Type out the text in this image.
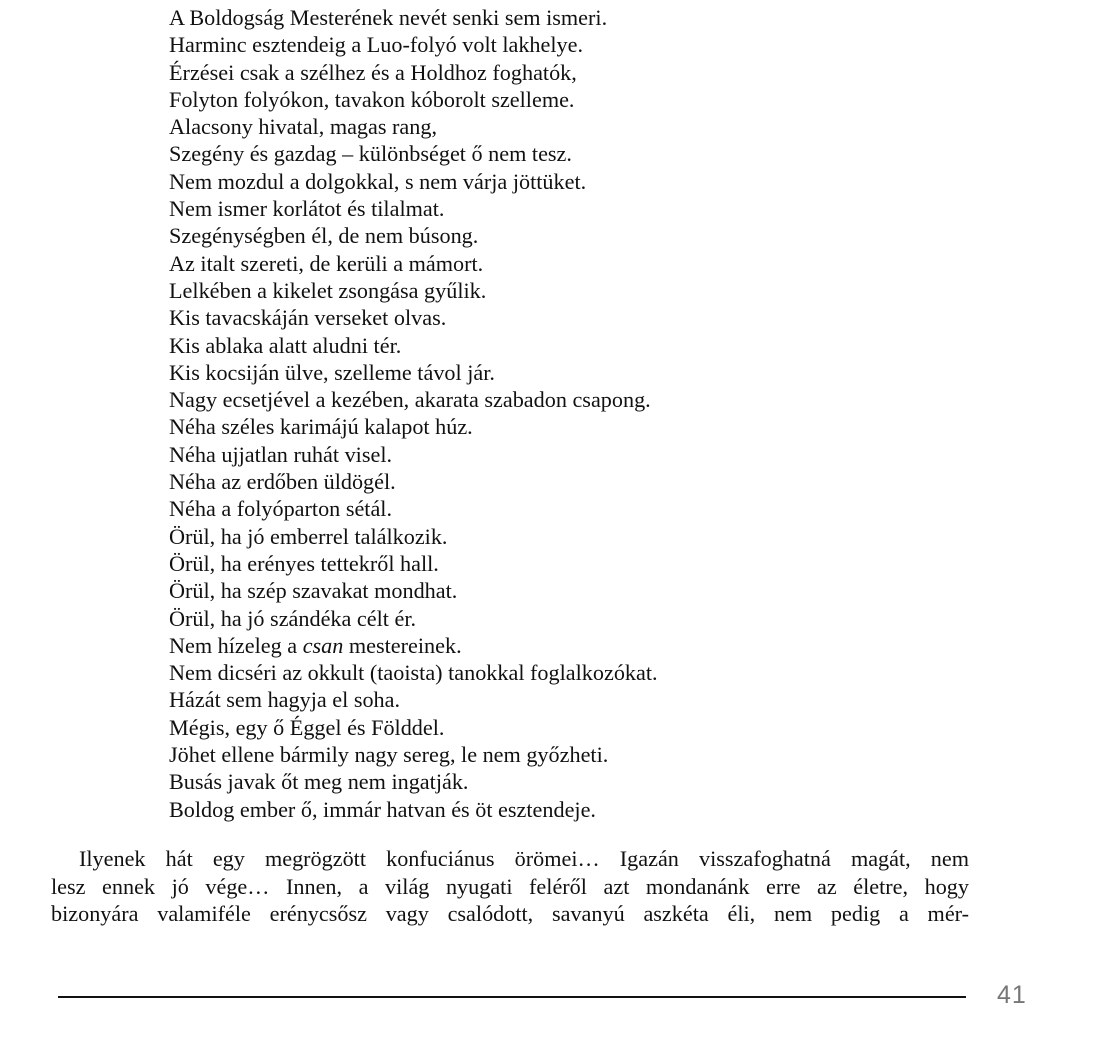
A Boldogság Mesterének nevét senki sem ismeri.
Harminc esztendeig a Luo-folyó volt lakhelye.
Érzései csak a szélhez és a Holdhoz foghatók,
Folyton folyókon, tavakon kóborolt szelleme.
Alacsony hivatal, magas rang,
Szegény és gazdag – különbséget ő nem tesz.
Nem mozdul a dolgokkal, s nem várja jöttüket.
Nem ismer korlátot és tilalmat.
Szegénységben él, de nem búsong.
Az italt szereti, de kerüli a mámort.
Lelkében a kikelet zsongása gyűlik.
Kis tavacskáján verseket olvas.
Kis ablaka alatt aludni tér.
Kis kocsiján ülve, szelleme távol jár.
Nagy ecsetjével a kezében, akarata szabadon csapong.
Néha széles karimájú kalapot húz.
Néha ujjatlan ruhát visel.
Néha az erdőben üldögél.
Néha a folyóparton sétál.
Örül, ha jó emberrel találkozik.
Örül, ha erényes tettekről hall.
Örül, ha szép szavakat mondhat.
Örül, ha jó szándéka célt ér.
Nem hízeleg a csan mestereinek.
Nem dicséri az okkult (taoista) tanokkal foglalkozókat.
Házát sem hagyja el soha.
Mégis, egy ő Éggel és Földdel.
Jöhet ellene bármily nagy sereg, le nem győzheti.
Busás javak őt meg nem ingatják.
Boldog ember ő, immár hatvan és öt esztendeje.
Ilyenek hát egy megrögzött konfuciánus örömei… Igazán visszafoghatná magát, nem
lesz ennek jó vége… Innen, a világ nyugati feléről azt mondanánk erre az életre, hogy
bizonyára valamiféle erénycsősz vagy csalódott, savanyú aszkéta éli, nem pedig a mér-
41
